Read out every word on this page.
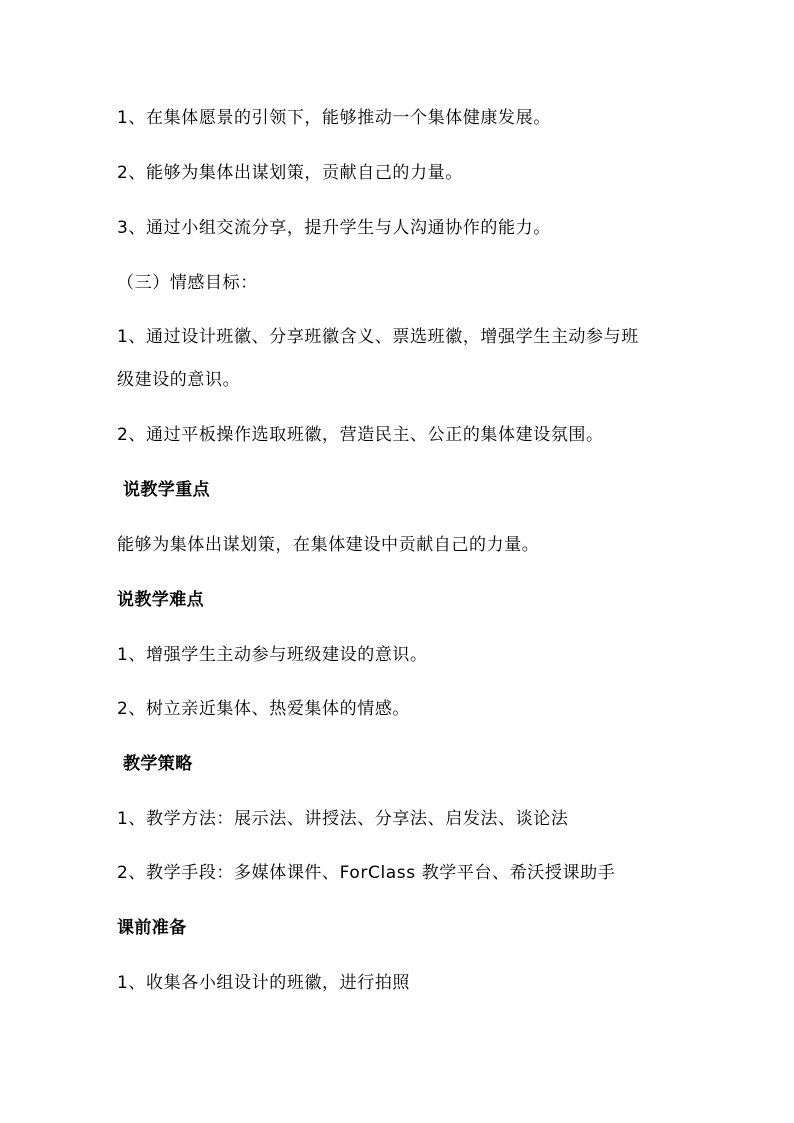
1、在集体愿景的引领下，能够推动一个集体健康发展。
2、能够为集体出谋划策，贡献自己的力量。
3、通过小组交流分享，提升学生与人沟通协作的能力。
（三）情感目标：
1、通过设计班徽、分享班徽含义、票选班徽，增强学生主动参与班
级建设的意识。
2、通过平板操作选取班徽，营造民主、公正的集体建设氛围。
说教学重点
能够为集体出谋划策，在集体建设中贡献自己的力量。
说教学难点
1、增强学生主动参与班级建设的意识。
2、树立亲近集体、热爱集体的情感。
教学策略
1、教学方法：展示法、讲授法、分享法、启发法、谈论法
2、教学手段：多媒体课件、ForClass 教学平台、希沃授课助手
课前准备
1、收集各小组设计的班徽，进行拍照
